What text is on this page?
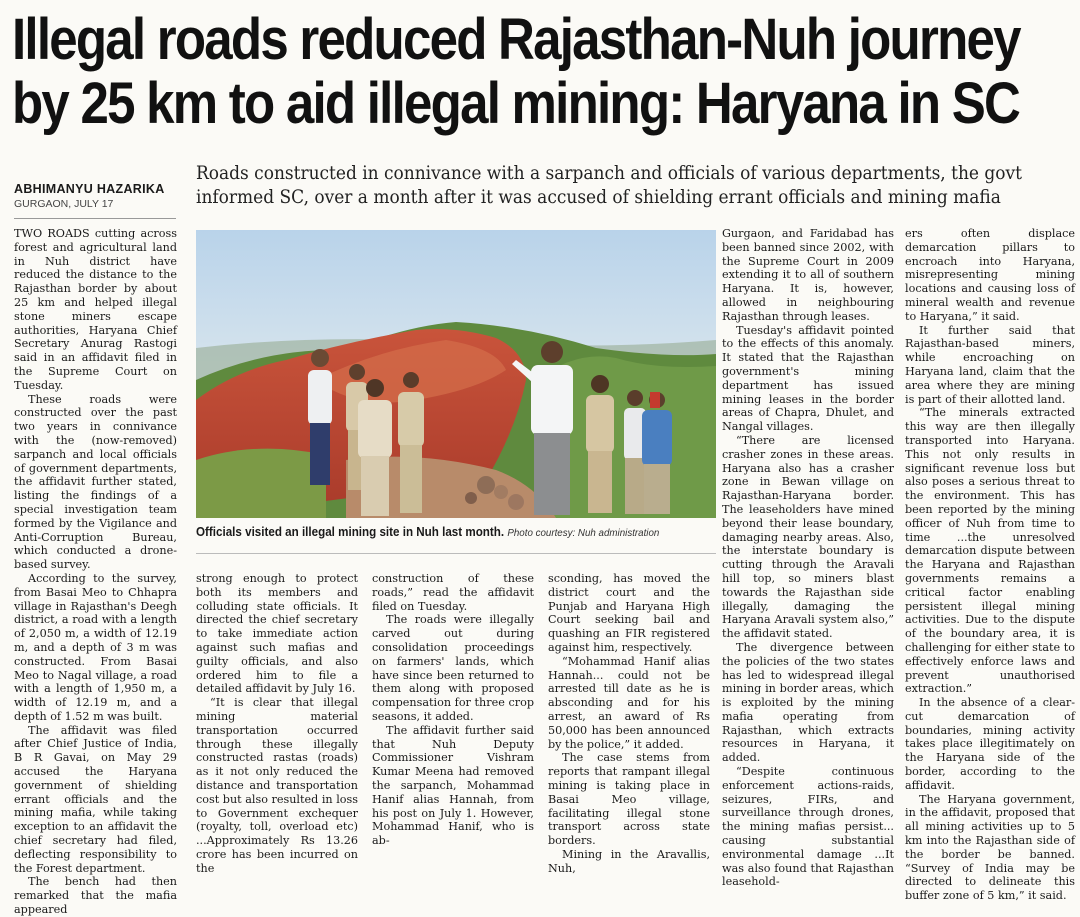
Illegal roads reduced Rajasthan-Nuh journey
by 25 km to aid illegal mining: Haryana in SC
ABHIMANYU HAZARIKA
GURGAON, JULY 17
Roads constructed in connivance with a sarpanch and officials of various departments, the govt
informed SC, over a month after it was accused of shielding errant officials and mining mafia
Officials visited an illegal mining site in Nuh last month. Photo courtesy: Nuh administration

TWO ROADS cutting across forest and agricultural land in Nuh district have reduced the distance to the Rajasthan border by about 25 km and helped illegal stone miners escape authorities, Haryana Chief Secretary Anurag Rastogi said in an affidavit filed in the Supreme Court on Tuesday.

These roads were constructed over the past two years in connivance with the (now-removed) sarpanch and local officials of government departments, the affidavit further stated, listing the findings of a special investigation team formed by the Vigilance and Anti-Corruption Bureau, which conducted a drone-based survey.

According to the survey, from Basai Meo to Chhapra village in Rajasthan's Deegh district, a road with a length of 2,050 m, a width of 12.19 m, and a depth of 3 m was constructed. From Basai Meo to Nagal village, a road with a length of 1,950 m, a width of 12.19 m, and a depth of 1.52 m was built.

The affidavit was filed after Chief Justice of India, B R Gavai, on May 29 accused the Haryana government of shielding errant officials and the mining mafia, while taking exception to an affidavit the chief secretary had filed, deflecting responsibility to the Forest department.

The bench had then remarked that the mafia appeared

strong enough to protect both its members and colluding state officials. It directed the chief secretary to take immediate action against such mafias and guilty officials, and also ordered him to file a detailed affidavit by July 16.

“It is clear that illegal mining material transportation occurred through these illegally constructed rastas (roads) as it not only reduced the distance and transportation cost but also resulted in loss to Government exchequer (royalty, toll, overload etc) ...Approximately Rs 13.26 crore has been incurred on the

construction of these roads,” read the affidavit filed on Tuesday.

The roads were illegally carved out during consolidation proceedings on farmers' lands, which have since been returned to them along with proposed compensation for three crop seasons, it added.

The affidavit further said that Nuh Deputy Commissioner Vishram Kumar Meena had removed the sarpanch, Mohammad Hanif alias Hannah, from his post on July 1. However, Mohammad Hanif, who is ab-

sconding, has moved the district court and the Punjab and Haryana High Court seeking bail and quashing an FIR registered against him, respectively.

“Mohammad Hanif alias Hannah... could not be arrested till date as he is absconding and for his arrest, an award of Rs 50,000 has been announced by the police,” it added.

The case stems from reports that rampant illegal mining is taking place in Basai Meo village, facilitating illegal stone transport across state borders.

Mining in the Aravallis, Nuh,

Gurgaon, and Faridabad has been banned since 2002, with the Supreme Court in 2009 extending it to all of southern Haryana. It is, however, allowed in neighbouring Rajasthan through leases.

Tuesday's affidavit pointed to the effects of this anomaly. It stated that the Rajasthan government's mining department has issued mining leases in the border areas of Chapra, Dhulet, and Nangal villages.

“There are licensed crasher zones in these areas. Haryana also has a crasher zone in Bewan village on Rajasthan-Haryana border. The leaseholders have mined beyond their lease boundary, damaging nearby areas. Also, the interstate boundary is cutting through the Aravali hill top, so miners blast towards the Rajasthan side illegally, damaging the Haryana Aravali system also,” the affidavit stated.

The divergence between the policies of the two states has led to widespread illegal mining in border areas, which is exploited by the mining mafia operating from Rajasthan, which extracts resources in Haryana, it added.

“Despite continuous enforcement actions-raids, seizures, FIRs, and surveillance through drones, the mining mafias persist... causing substantial environmental damage ...It was also found that Rajasthan leasehold-

ers often displace demarcation pillars to encroach into Haryana, misrepresenting mining locations and causing loss of mineral wealth and revenue to Haryana,” it said.

It further said that Rajasthan-based miners, while encroaching on Haryana land, claim that the area where they are mining is part of their allotted land.

“The minerals extracted this way are then illegally transported into Haryana. This not only results in significant revenue loss but also poses a serious threat to the environment. This has been reported by the mining officer of Nuh from time to time ...the unresolved demarcation dispute between the Haryana and Rajasthan governments remains a critical factor enabling persistent illegal mining activities. Due to the dispute of the boundary area, it is challenging for either state to effectively enforce laws and prevent unauthorised extraction.”

In the absence of a clear-cut demarcation of boundaries, mining activity takes place illegitimately on the Haryana side of the border, according to the affidavit.

The Haryana government, in the affidavit, proposed that all mining activities up to 5 km into the Rajasthan side of the border be banned. “Survey of India may be directed to delineate this buffer zone of 5 km,” it said.
